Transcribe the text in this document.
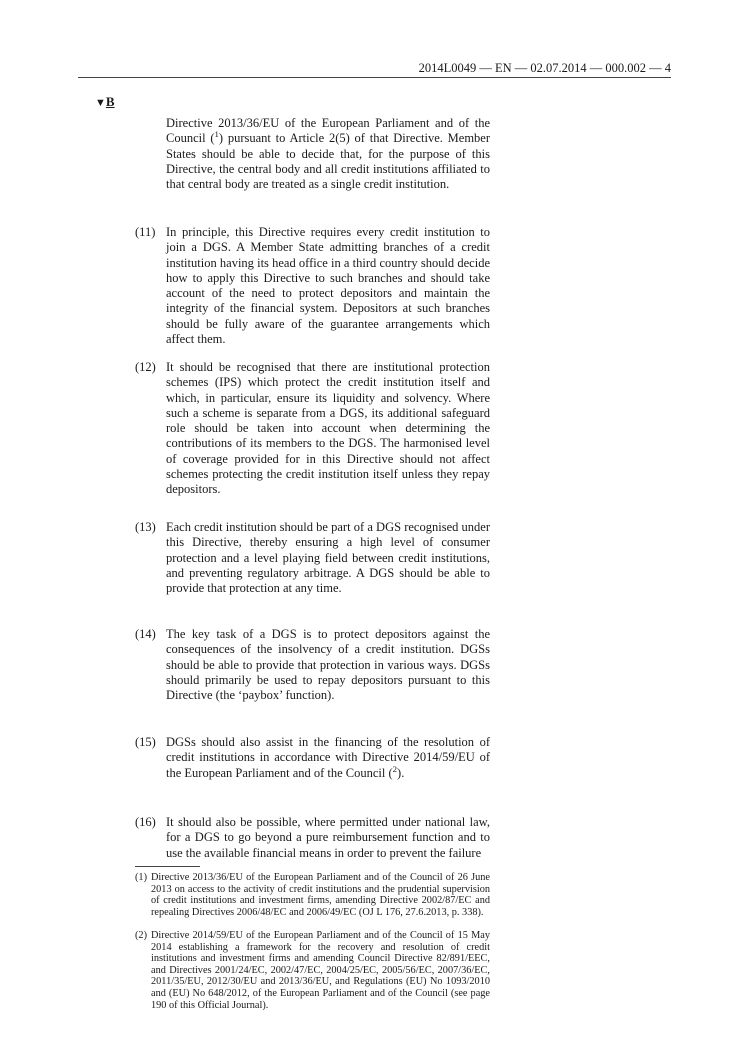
2014L0049 — EN — 02.07.2014 — 000.002 — 4
▼B
Directive 2013/36/EU of the European Parliament and of the Council ($^1$) pursuant to Article 2(5) of that Directive. Member States should be able to decide that, for the purpose of this Directive, the central body and all credit institutions affiliated to that central body are treated as a single credit institution.
(11) In principle, this Directive requires every credit institution to join a DGS. A Member State admitting branches of a credit institution having its head office in a third country should decide how to apply this Directive to such branches and should take account of the need to protect depositors and maintain the integrity of the financial system. Depositors at such branches should be fully aware of the guarantee arrangements which affect them.
(12) It should be recognised that there are institutional protection schemes (IPS) which protect the credit institution itself and which, in particular, ensure its liquidity and solvency. Where such a scheme is separate from a DGS, its additional safeguard role should be taken into account when determining the contributions of its members to the DGS. The harmonised level of coverage provided for in this Directive should not affect schemes protecting the credit institution itself unless they repay depositors.
(13) Each credit institution should be part of a DGS recognised under this Directive, thereby ensuring a high level of consumer protection and a level playing field between credit institutions, and preventing regulatory arbitrage. A DGS should be able to provide that protection at any time.
(14) The key task of a DGS is to protect depositors against the consequences of the insolvency of a credit institution. DGSs should be able to provide that protection in various ways. DGSs should primarily be used to repay depositors pursuant to this Directive (the ‘paybox’ function).
(15) DGSs should also assist in the financing of the resolution of credit institutions in accordance with Directive 2014/59/EU of the European Parliament and of the Council ($^2$).
(16) It should also be possible, where permitted under national law, for a DGS to go beyond a pure reimbursement function and to use the available financial means in order to prevent the failure
(1) Directive 2013/36/EU of the European Parliament and of the Council of 26 June 2013 on access to the activity of credit institutions and the prudential supervision of credit institutions and investment firms, amending Directive 2002/87/EC and repealing Directives 2006/48/EC and 2006/49/EC (OJ L 176, 27.6.2013, p. 338).
(2) Directive 2014/59/EU of the European Parliament and of the Council of 15 May 2014 establishing a framework for the recovery and resolution of credit institutions and investment firms and amending Council Directive 82/891/EEC, and Directives 2001/24/EC, 2002/47/EC, 2004/25/EC, 2005/56/EC, 2007/36/EC, 2011/35/EU, 2012/30/EU and 2013/36/EU, and Regulations (EU) No 1093/2010 and (EU) No 648/2012, of the European Parliament and of the Council (see page 190 of this Official Journal).
